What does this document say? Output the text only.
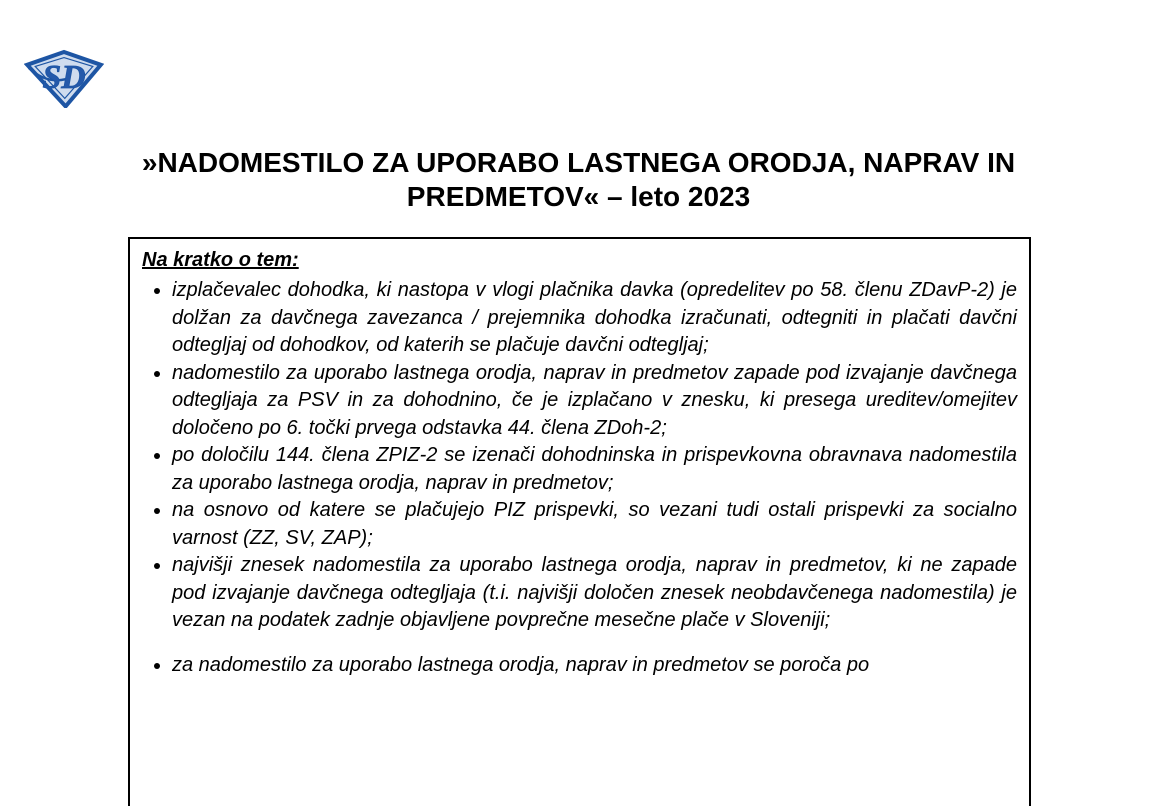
SD
»NADOMESTILO ZA UPORABO LASTNEGA ORODJA, NAPRAV IN PREDMETOV« – leto 2023

Na kratko o tem:

• izplačevalec dohodka, ki nastopa v vlogi plačnika davka (opredelitev po 58. členu ZDavP-2) je dolžan za davčnega zavezanca / prejemnika dohodka izračunati, odtegniti in plačati davčni odtegljaj od dohodkov, od katerih se plačuje davčni odtegljaj;
• nadomestilo za uporabo lastnega orodja, naprav in predmetov zapade pod izvajanje davčnega odtegljaja za PSV in za dohodnino, če je izplačano v znesku, ki presega ureditev/omejitev določeno po 6. točki prvega odstavka 44. člena ZDoh-2;
• po določilu 144. člena ZPIZ-2 se izenači dohodninska in prispevkovna obravnava nadomestila za uporabo lastnega orodja, naprav in predmetov;
• na osnovo od katere se plačujejo PIZ prispevki, so vezani tudi ostali prispevki za socialno varnost (ZZ, SV, ZAP);
• najvišji znesek nadomestila za uporabo lastnega orodja, naprav in predmetov, ki ne zapade pod izvajanje davčnega odtegljaja (t.i. najvišji določen znesek neobdavčenega nadomestila) je vezan na podatek zadnje objavljene povprečne mesečne plače v Sloveniji;
• za nadomestilo za uporabo lastnega orodja, naprav in predmetov se poroča po
